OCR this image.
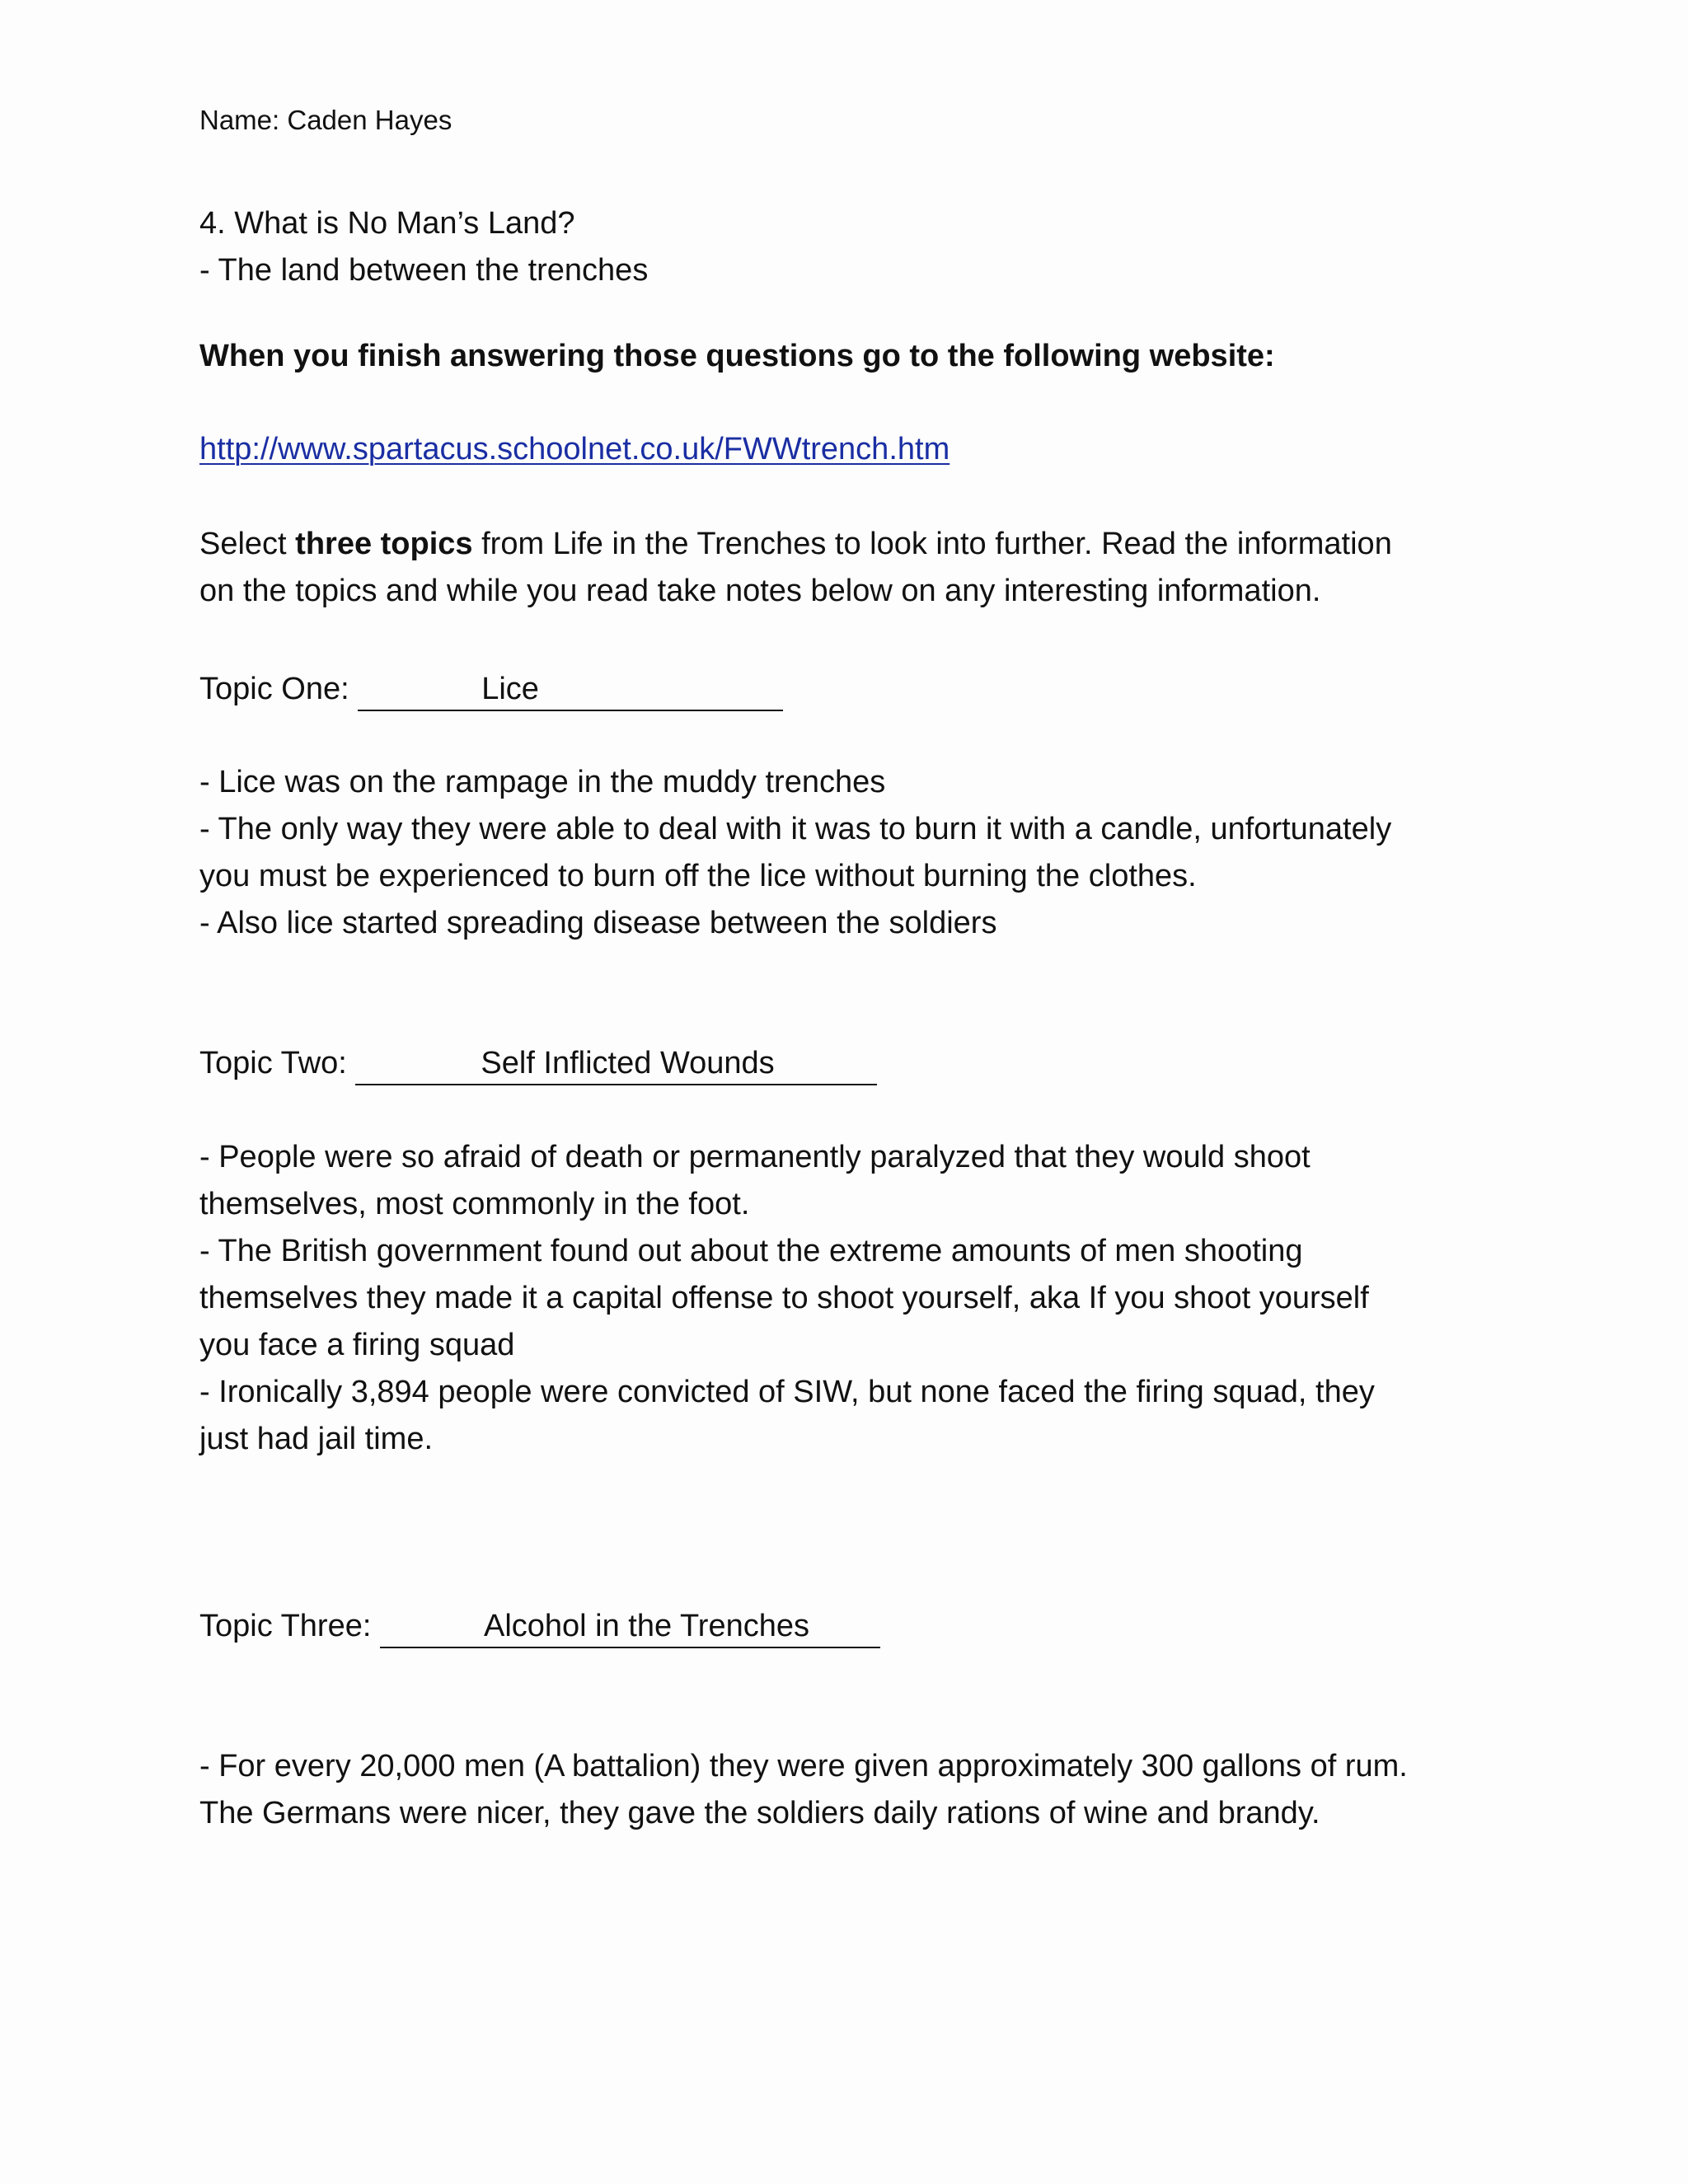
Name: Caden Hayes

4. What is No Man’s Land?
- The land between the trenches

When you finish answering those questions go to the following website:

http://www.spartacus.schoolnet.co.uk/FWWtrench.htm

Select three topics from Life in the Trenches to look into further. Read the information
on the topics and while you read take notes below on any interesting information.

Topic One:	Lice

- Lice was on the rampage in the muddy trenches
- The only way they were able to deal with it was to burn it with a candle, unfortunately
you must be experienced to burn off the lice without burning the clothes.
- Also lice started spreading disease between the soldiers

Topic Two:	Self Inflicted Wounds

- People were so afraid of death or permanently paralyzed that they would shoot
themselves, most commonly in the foot.
- The British government found out about the extreme amounts of men shooting
themselves they made it a capital offense to shoot yourself, aka If you shoot yourself
you face a firing squad
- Ironically 3,894 people were convicted of SIW, but none faced the firing squad, they
just had jail time.

Topic Three:	Alcohol in the Trenches

- For every 20,000 men (A battalion) they were given approximately 300 gallons of rum.
The Germans were nicer, they gave the soldiers daily rations of wine and brandy.
